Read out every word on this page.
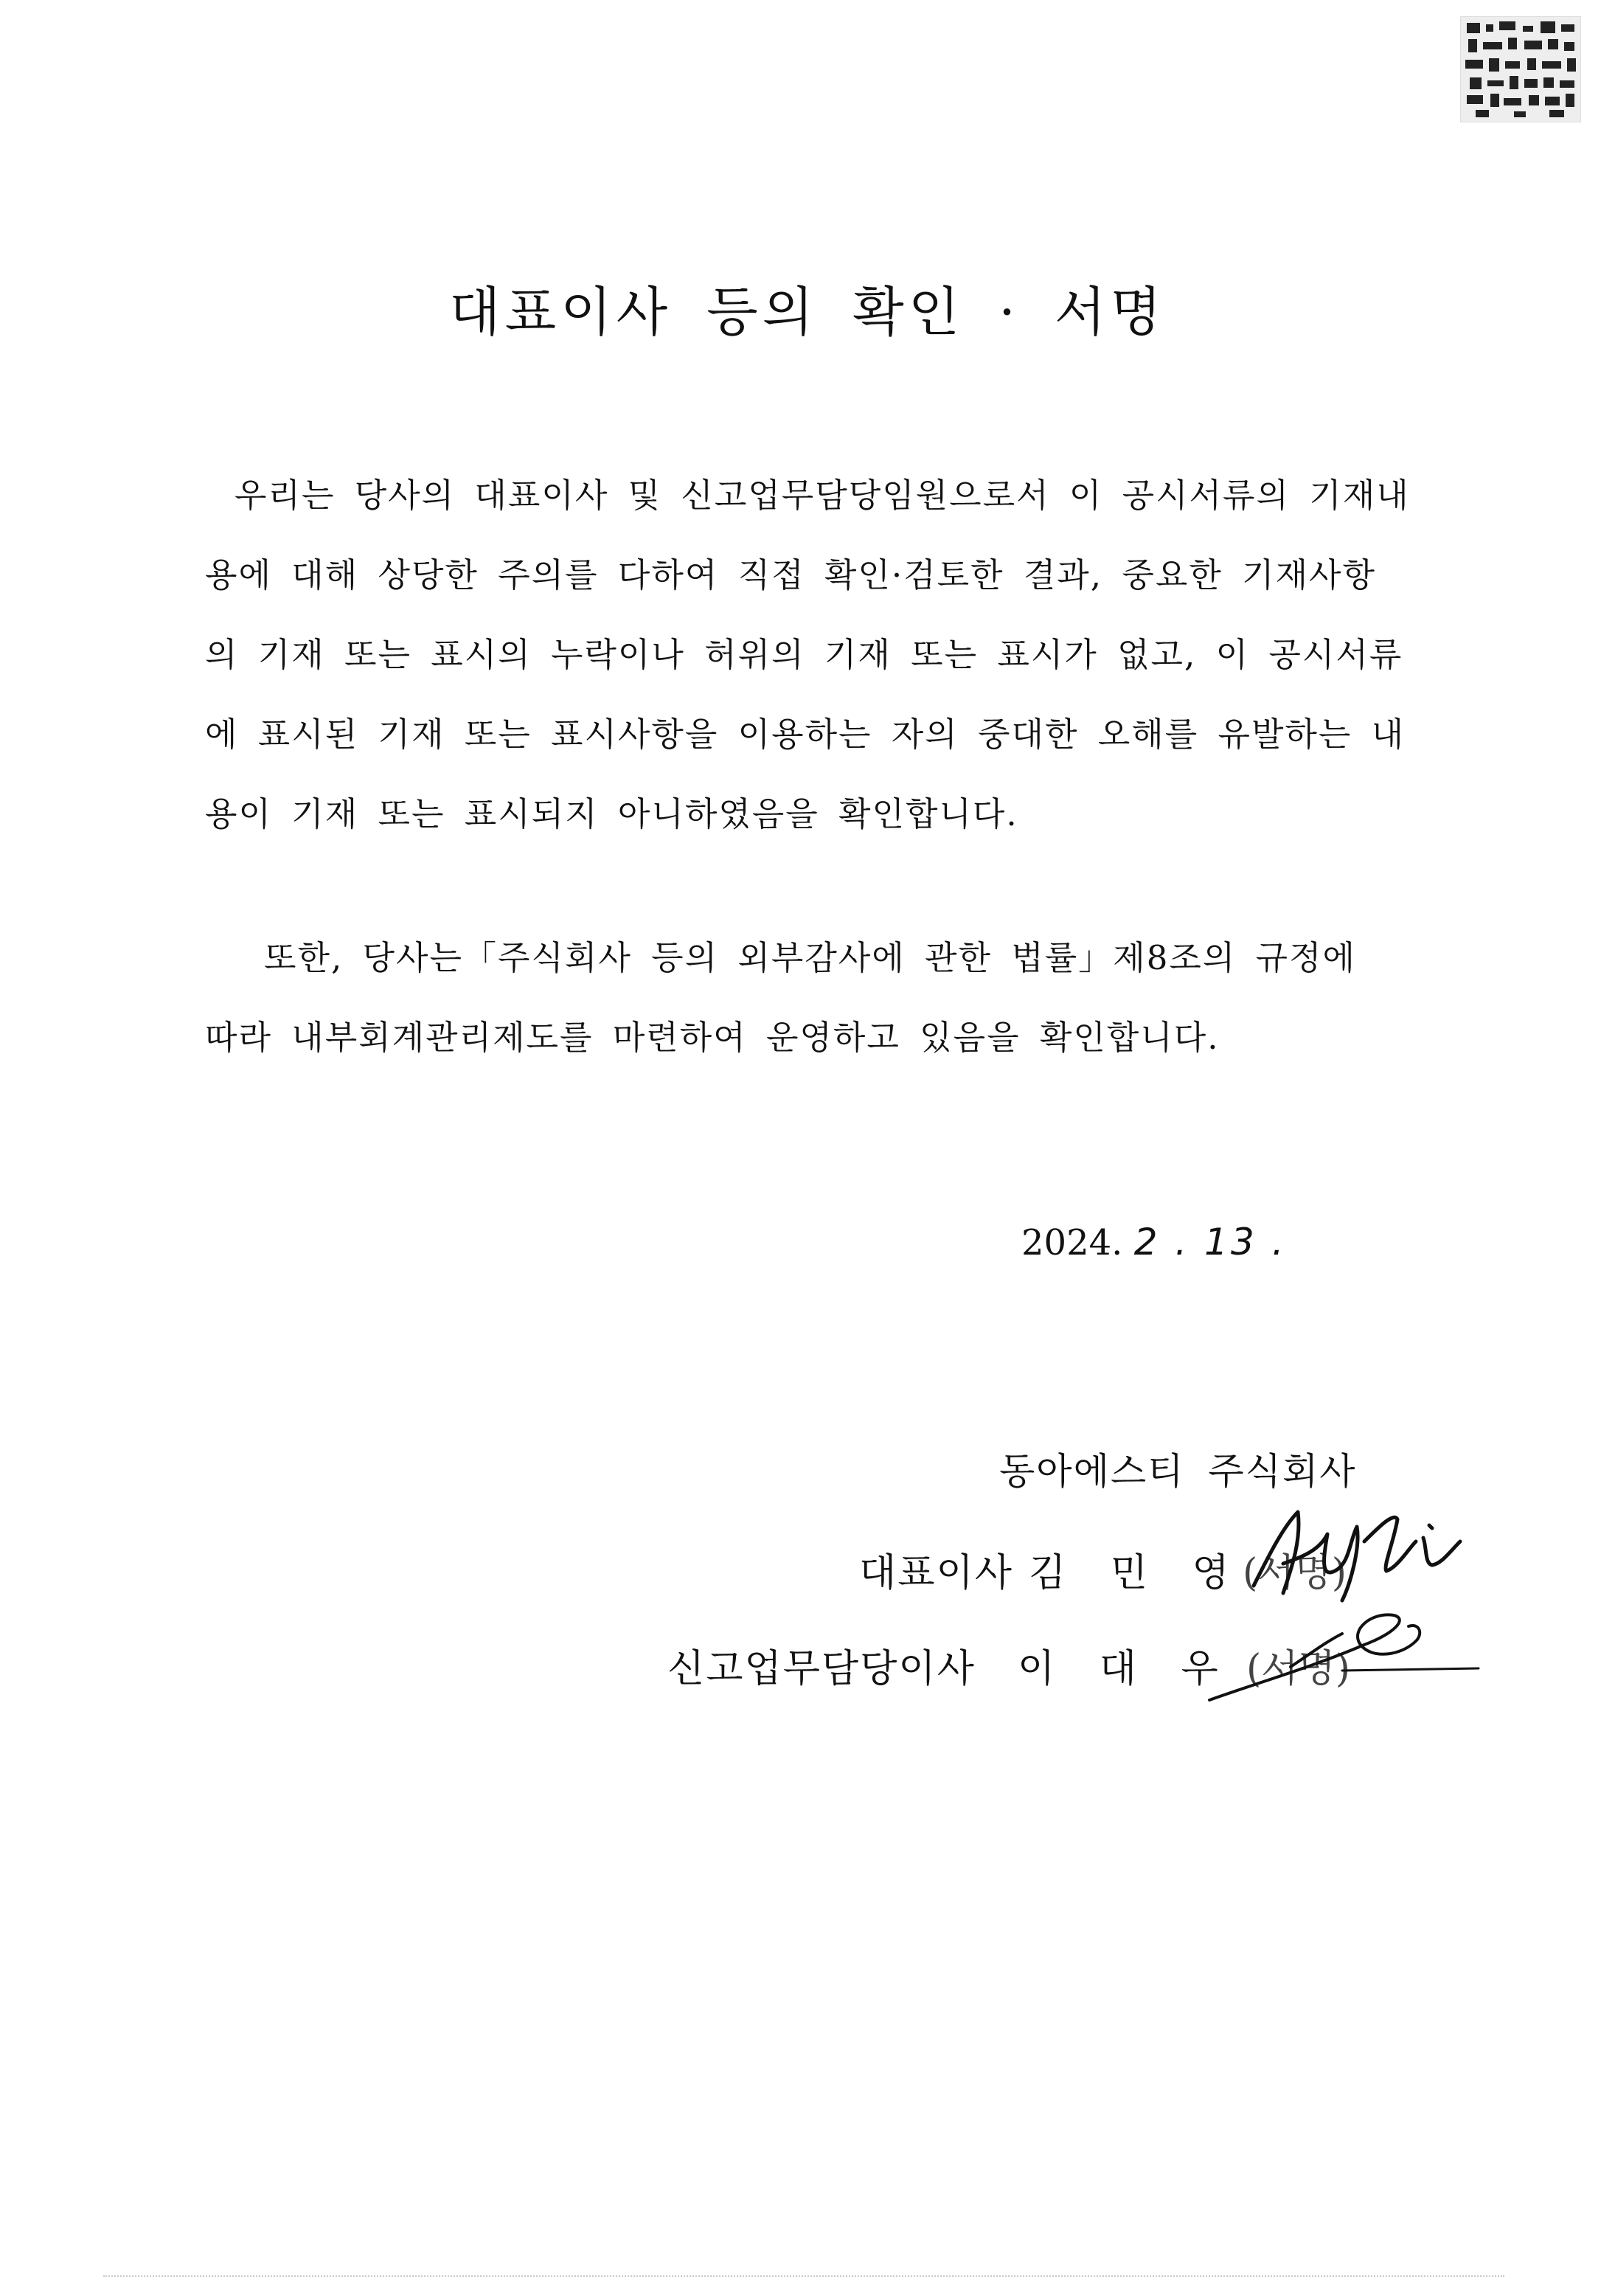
대표이사 등의 확인 · 서명
우리는 당사의 대표이사 및 신고업무담당임원으로서 이 공시서류의 기재내
용에 대해 상당한 주의를 다하여 직접 확인·검토한 결과, 중요한 기재사항
의 기재 또는 표시의 누락이나 허위의 기재 또는 표시가 없고, 이 공시서류
에 표시된 기재 또는 표시사항을 이용하는 자의 중대한 오해를 유발하는 내
용이 기재 또는 표시되지 아니하였음을 확인합니다.
또한, 당사는「주식회사 등의 외부감사에 관한 법률」제8조의 규정에
따라 내부회계관리제도를 마련하여 운영하고 있음을 확인합니다.
2024. 2 . 13 .
동아에스티 주식회사
대표이사 김 민 영 (서명)
신고업무담당이사 이 대 우 (서명)
